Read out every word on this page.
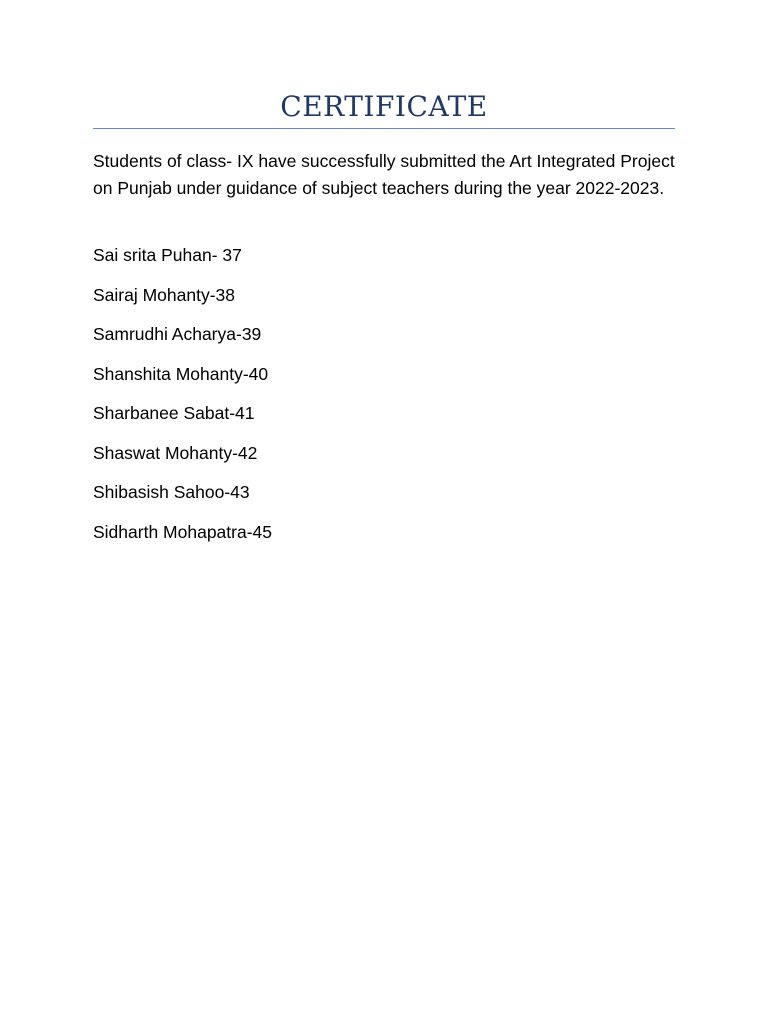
CERTIFICATE

Students of class- IX have successfully submitted the Art Integrated Project on Punjab under guidance of subject teachers during the year 2022-2023.

Sai srita Puhan- 37
Sairaj Mohanty-38
Samrudhi Acharya-39
Shanshita Mohanty-40
Sharbanee Sabat-41
Shaswat Mohanty-42
Shibasish Sahoo-43
Sidharth Mohapatra-45
